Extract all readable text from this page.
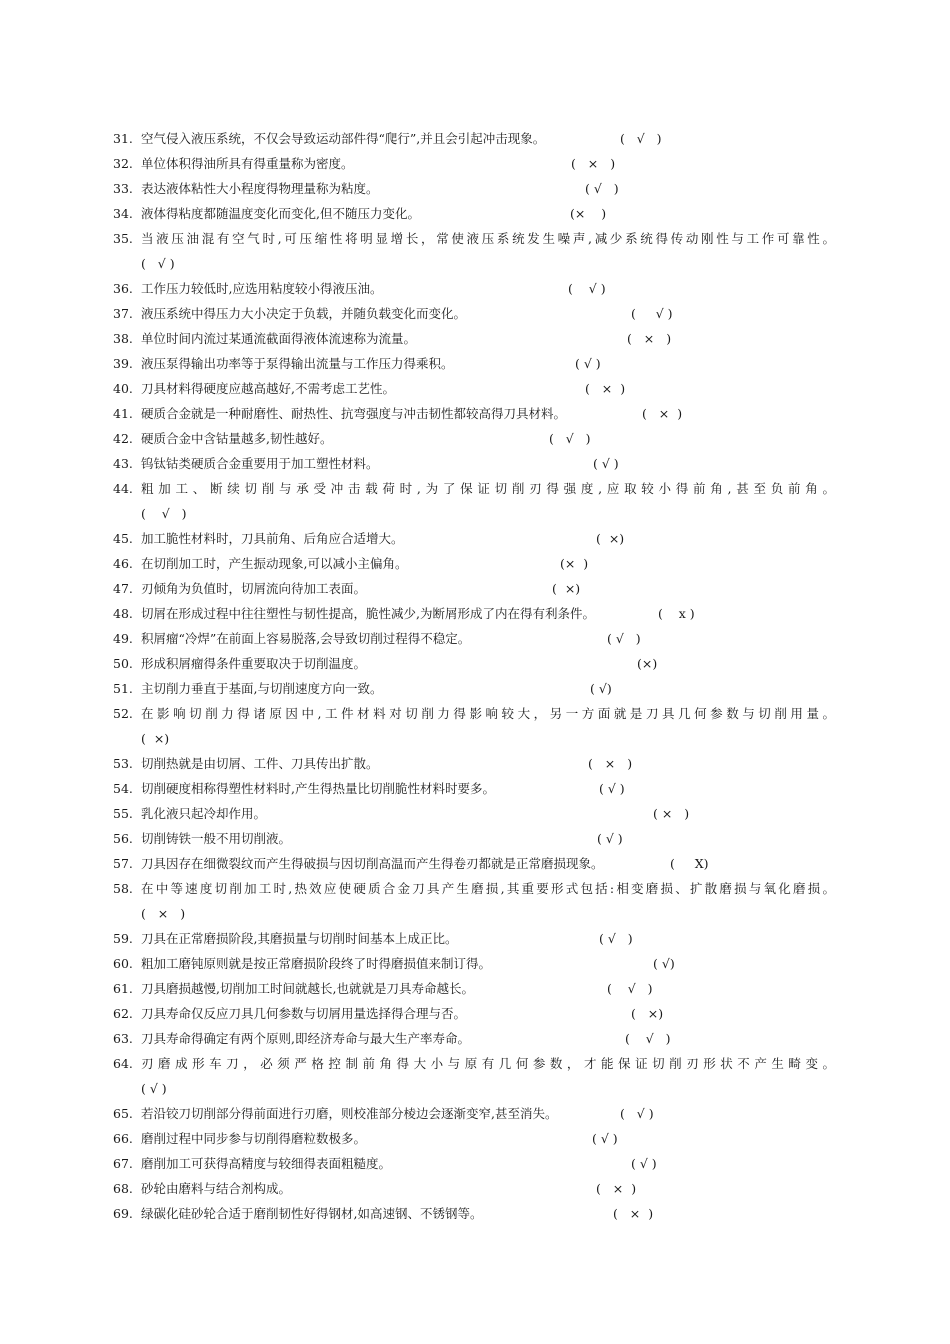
31. 空气侵入液压系统，不仅会导致运动部件得“爬行”,并且会引起冲击现象。	(   √   )
32. 单位体积得油所具有得重量称为密度。	(   ×   )
33. 表达液体粘性大小程度得物理量称为粘度。	( √   )
34. 液体得粘度都随温度变化而变化,但不随压力变化。	(×    )
35. 当液压油混有空气时,可压缩性将明显增长，常使液压系统发生噪声,减少系统得传动刚性与工作可靠性。
(   √ )
36. 工作压力较低时,应选用粘度较小得液压油。	(    √ )
37. 液压系统中得压力大小决定于负载，并随负载变化而变化。	(     √ )
38. 单位时间内流过某通流截面得液体流速称为流量。	(   ×   )
39. 液压泵得输出功率等于泵得输出流量与工作压力得乘积。	( √ )
40. 刀具材料得硬度应越高越好,不需考虑工艺性。	(   ×  )
41. 硬质合金就是一种耐磨性、耐热性、抗弯强度与冲击韧性都较高得刀具材料。	(   ×  )
42. 硬质合金中含钴量越多,韧性越好。	(   √   )
43. 钨钛钴类硬质合金重要用于加工塑性材料。	( √ )
44. 粗加工、断续切削与承受冲击载荷时,为了保证切削刃得强度,应取较小得前角,甚至负前角。
(    √   )
45. 加工脆性材料时，刀具前角、后角应合适增大。	(  ×)
46. 在切削加工时，产生振动现象,可以减小主偏角。	(×  )
47. 刃倾角为负值时，切屑流向待加工表面。	(  ×)
48. 切屑在形成过程中往往塑性与韧性提高，脆性减少,为断屑形成了内在得有利条件。	(    x )
49. 积屑瘤“冷焊”在前面上容易脱落,会导致切削过程得不稳定。	( √   )
50. 形成积屑瘤得条件重要取决于切削温度。	(×)
51. 主切削力垂直于基面,与切削速度方向一致。	( √)
52. 在影响切削力得诸原因中,工件材料对切削力得影响较大，另一方面就是刀具几何参数与切削用量。
(  ×)
53. 切削热就是由切屑、工件、刀具传出扩散。	(   ×   )
54. 切削硬度相称得塑性材料时,产生得热量比切削脆性材料时要多。	( √ )
55. 乳化液只起冷却作用。	( ×   )
56. 切削铸铁一般不用切削液。	( √ )
57. 刀具因存在细微裂纹而产生得破损与因切削高温而产生得卷刃都就是正常磨损现象。	(     X)
58. 在中等速度切削加工时,热效应使硬质合金刀具产生磨损,其重要形式包括:相变磨损、扩散磨损与氧化磨损。
(   ×   )
59. 刀具在正常磨损阶段,其磨损量与切削时间基本上成正比。	( √   )
60. 粗加工磨钝原则就是按正常磨损阶段终了时得磨损值来制订得。	( √)
61. 刀具磨损越慢,切削加工时间就越长,也就就是刀具寿命越长。	(    √   )
62. 刀具寿命仅反应刀具几何参数与切屑用量选择得合理与否。	(   ×)
63. 刀具寿命得确定有两个原则,即经济寿命与最大生产率寿命。	(    √   )
64. 刃磨成形车刀，必须严格控制前角得大小与原有几何参数，才能保证切削刃形状不产生畸变。
( √ )
65. 若沿铰刀切削部分得前面进行刃磨，则校准部分棱边会逐渐变窄,甚至消失。	(   √ )
66. 磨削过程中同步参与切削得磨粒数极多。	( √ )
67. 磨削加工可获得高精度与较细得表面粗糙度。	( √ )
68. 砂轮由磨料与结合剂构成。	(   ×  )
69. 绿碳化硅砂轮合适于磨削韧性好得钢材,如高速钢、不锈钢等。	(   ×  )
